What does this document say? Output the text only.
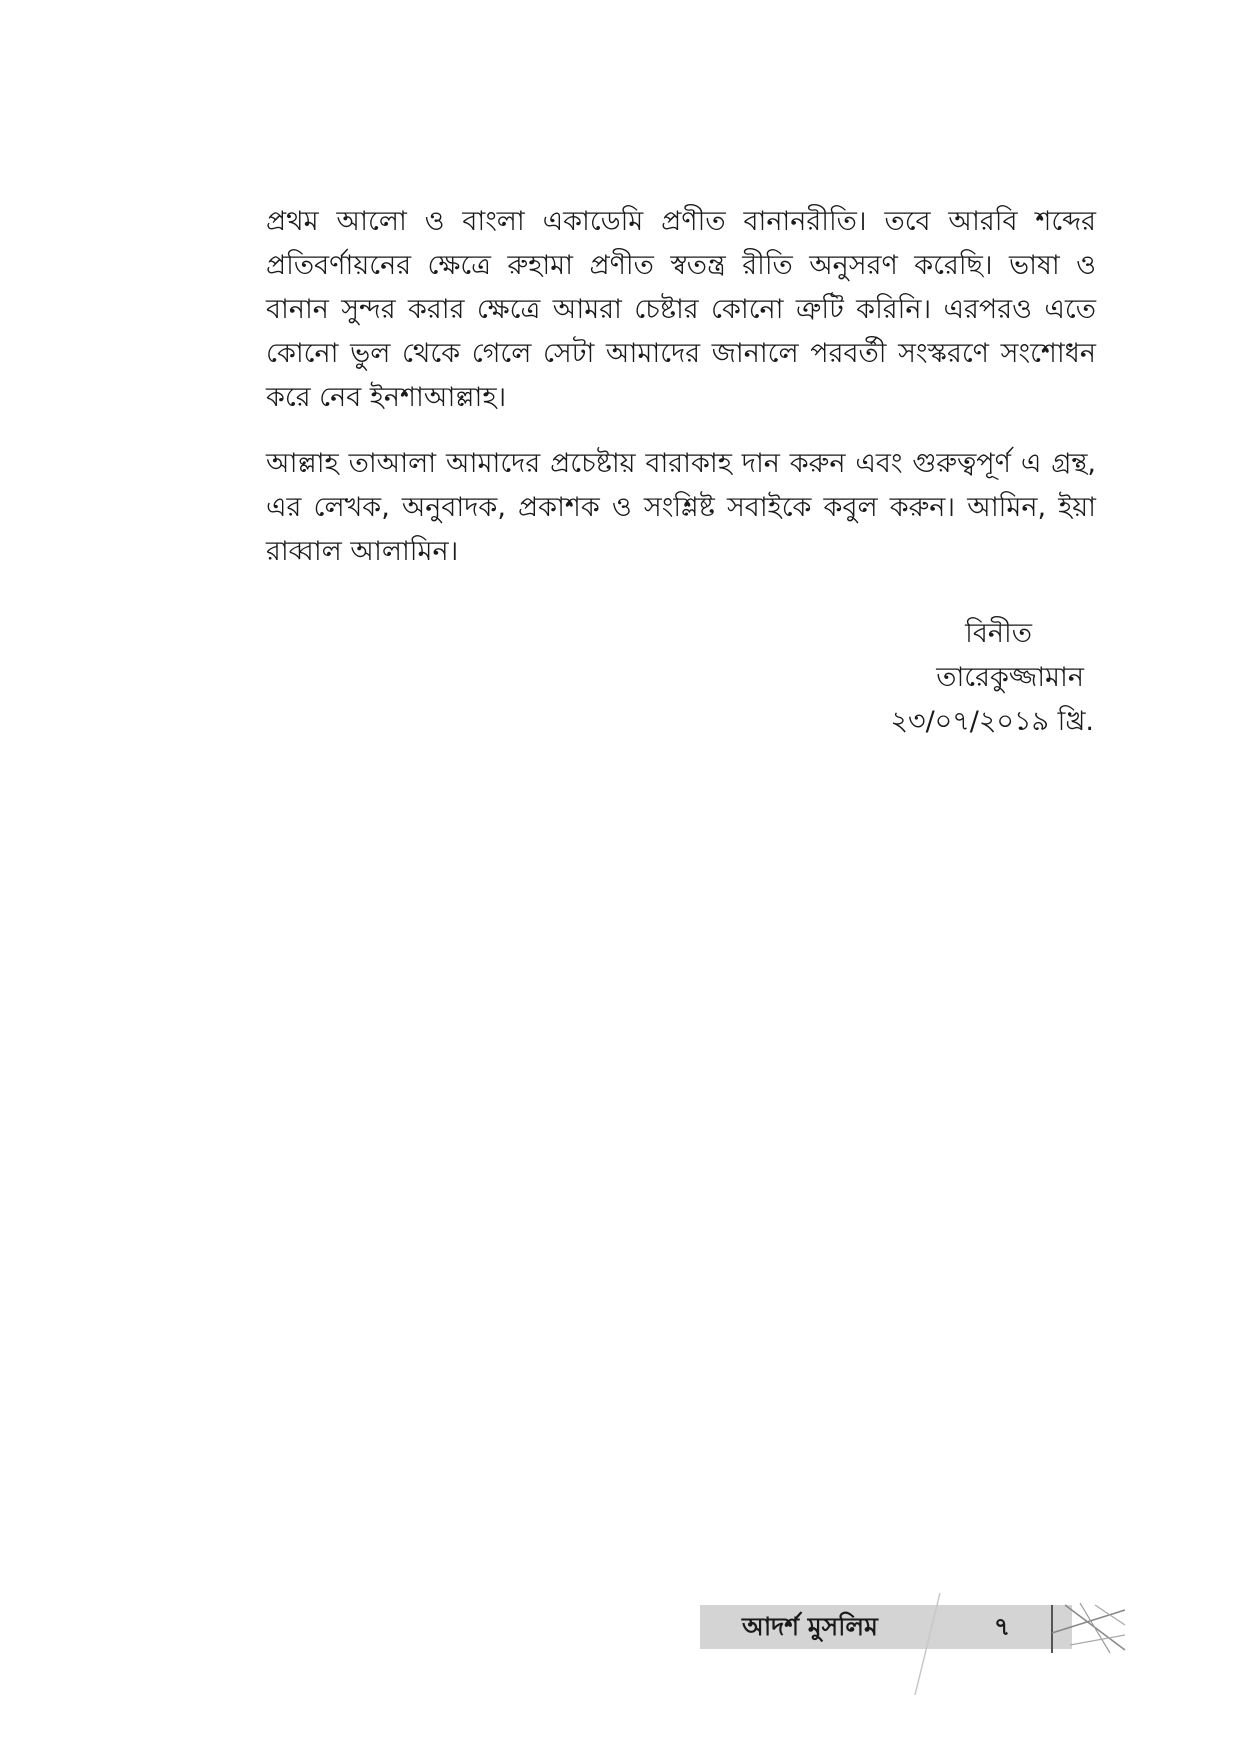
প্রথম আলো ও বাংলা একাডেমি প্রণীত বানানরীতি। তবে আরবি শব্দের প্রতিবর্ণায়নের ক্ষেত্রে রুহামা প্রণীত স্বতন্ত্র রীতি অনুসরণ করেছি। ভাষা ও বানান সুন্দর করার ক্ষেত্রে আমরা চেষ্টার কোনো ত্রুটি করিনি। এরপরও এতে কোনো ভুল থেকে গেলে সেটা আমাদের জানালে পরবর্তী সংস্করণে সংশোধন করে নেব ইনশাআল্লাহ।

আল্লাহ তাআলা আমাদের প্রচেষ্টায় বারাকাহ দান করুন এবং গুরুত্বপূর্ণ এ গ্রন্থ, এর লেখক, অনুবাদক, প্রকাশক ও সংশ্লিষ্ট সবাইকে কবুল করুন। আমিন, ইয়া রাব্বাল আলামিন।

বিনীত
তারেকুজ্জামান
২৩/০৭/২০১৯ খ্রি.
আদর্শ মুসলিম	৭
